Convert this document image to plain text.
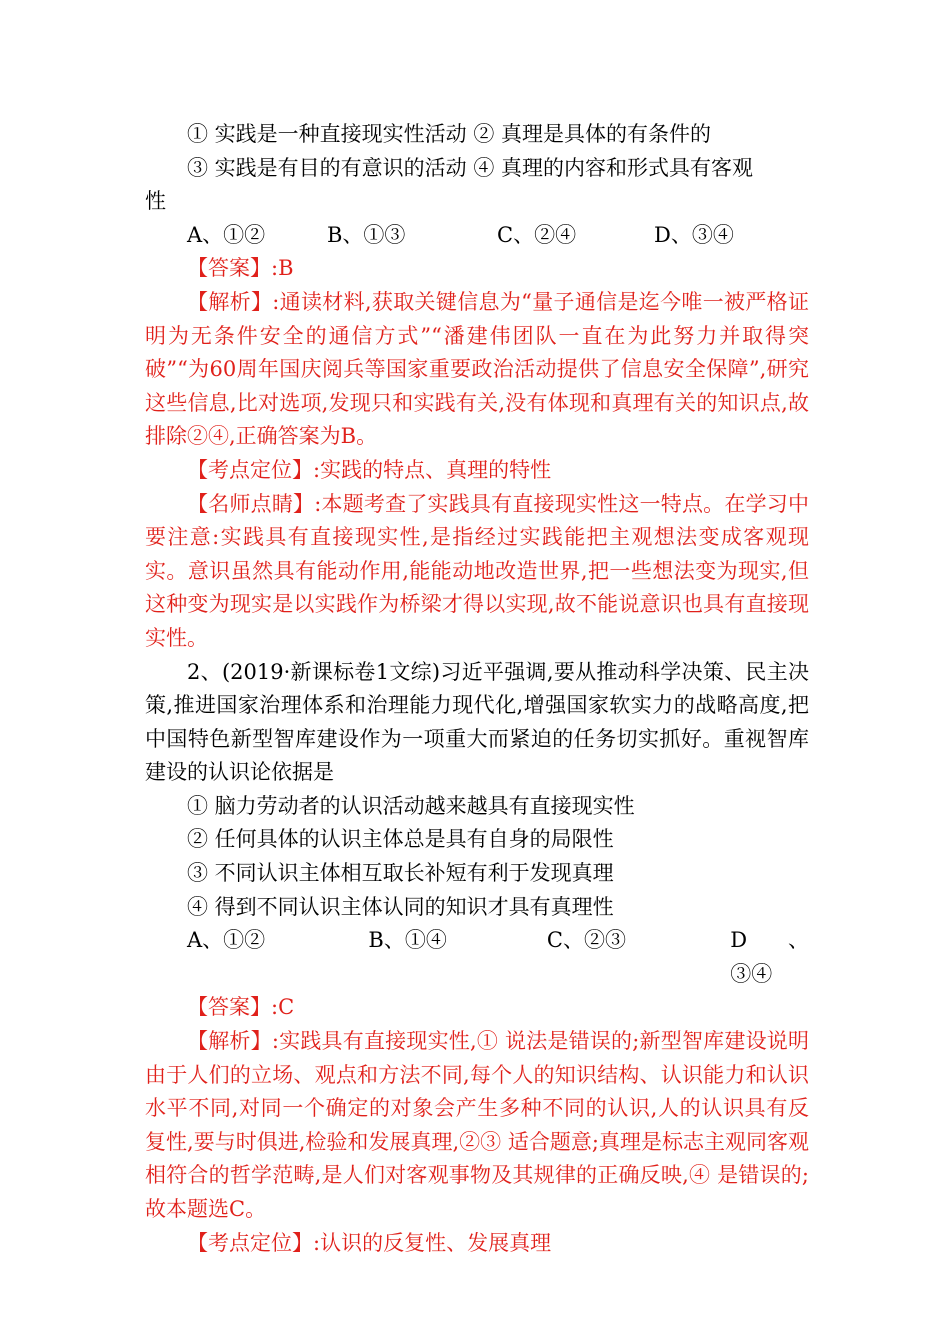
① 实践是一种直接现实性活动 ② 真理是具体的有条件的

③ 实践是有目的有意识的活动 ④ 真理的内容和形式具有客观

性

A、①②	B、①③	C、②④	D、③④

【答案】:B

【解析】:通读材料,获取关键信息为“量子通信是迄今唯一被严格证明为无条件安全的通信方式”“潘建伟团队一直在为此努力并取得突破”“为60周年国庆阅兵等国家重要政治活动提供了信息安全保障”,研究这些信息,比对选项,发现只和实践有关,没有体现和真理有关的知识点,故排除②④,正确答案为B。

【考点定位】:实践的特点、真理的特性

【名师点睛】:本题考查了实践具有直接现实性这一特点。在学习中要注意:实践具有直接现实性,是指经过实践能把主观想法变成客观现实。意识虽然具有能动作用,能能动地改造世界,把一些想法变为现实,但这种变为现实是以实践作为桥梁才得以实现,故不能说意识也具有直接现实性。

2、(2019·新课标卷1文综)习近平强调,要从推动科学决策、民主决策,推进国家治理体系和治理能力现代化,增强国家软实力的战略高度,把中国特色新型智库建设作为一项重大而紧迫的任务切实抓好。重视智库建设的认识论依据是

① 脑力劳动者的认识活动越来越具有直接现实性

② 任何具体的认识主体总是具有自身的局限性

③ 不同认识主体相互取长补短有利于发现真理

④ 得到不同认识主体认同的知识才具有真理性

A、①②	B、①④	C、②③	D、③④

【答案】:C

【解析】:实践具有直接现实性,① 说法是错误的;新型智库建设说明由于人们的立场、观点和方法不同,每个人的知识结构、认识能力和认识水平不同,对同一个确定的对象会产生多种不同的认识,人的认识具有反复性,要与时俱进,检验和发展真理,②③ 适合题意;真理是标志主观同客观相符合的哲学范畴,是人们对客观事物及其规律的正确反映,④ 是错误的;故本题选C。

【考点定位】:认识的反复性、发展真理
